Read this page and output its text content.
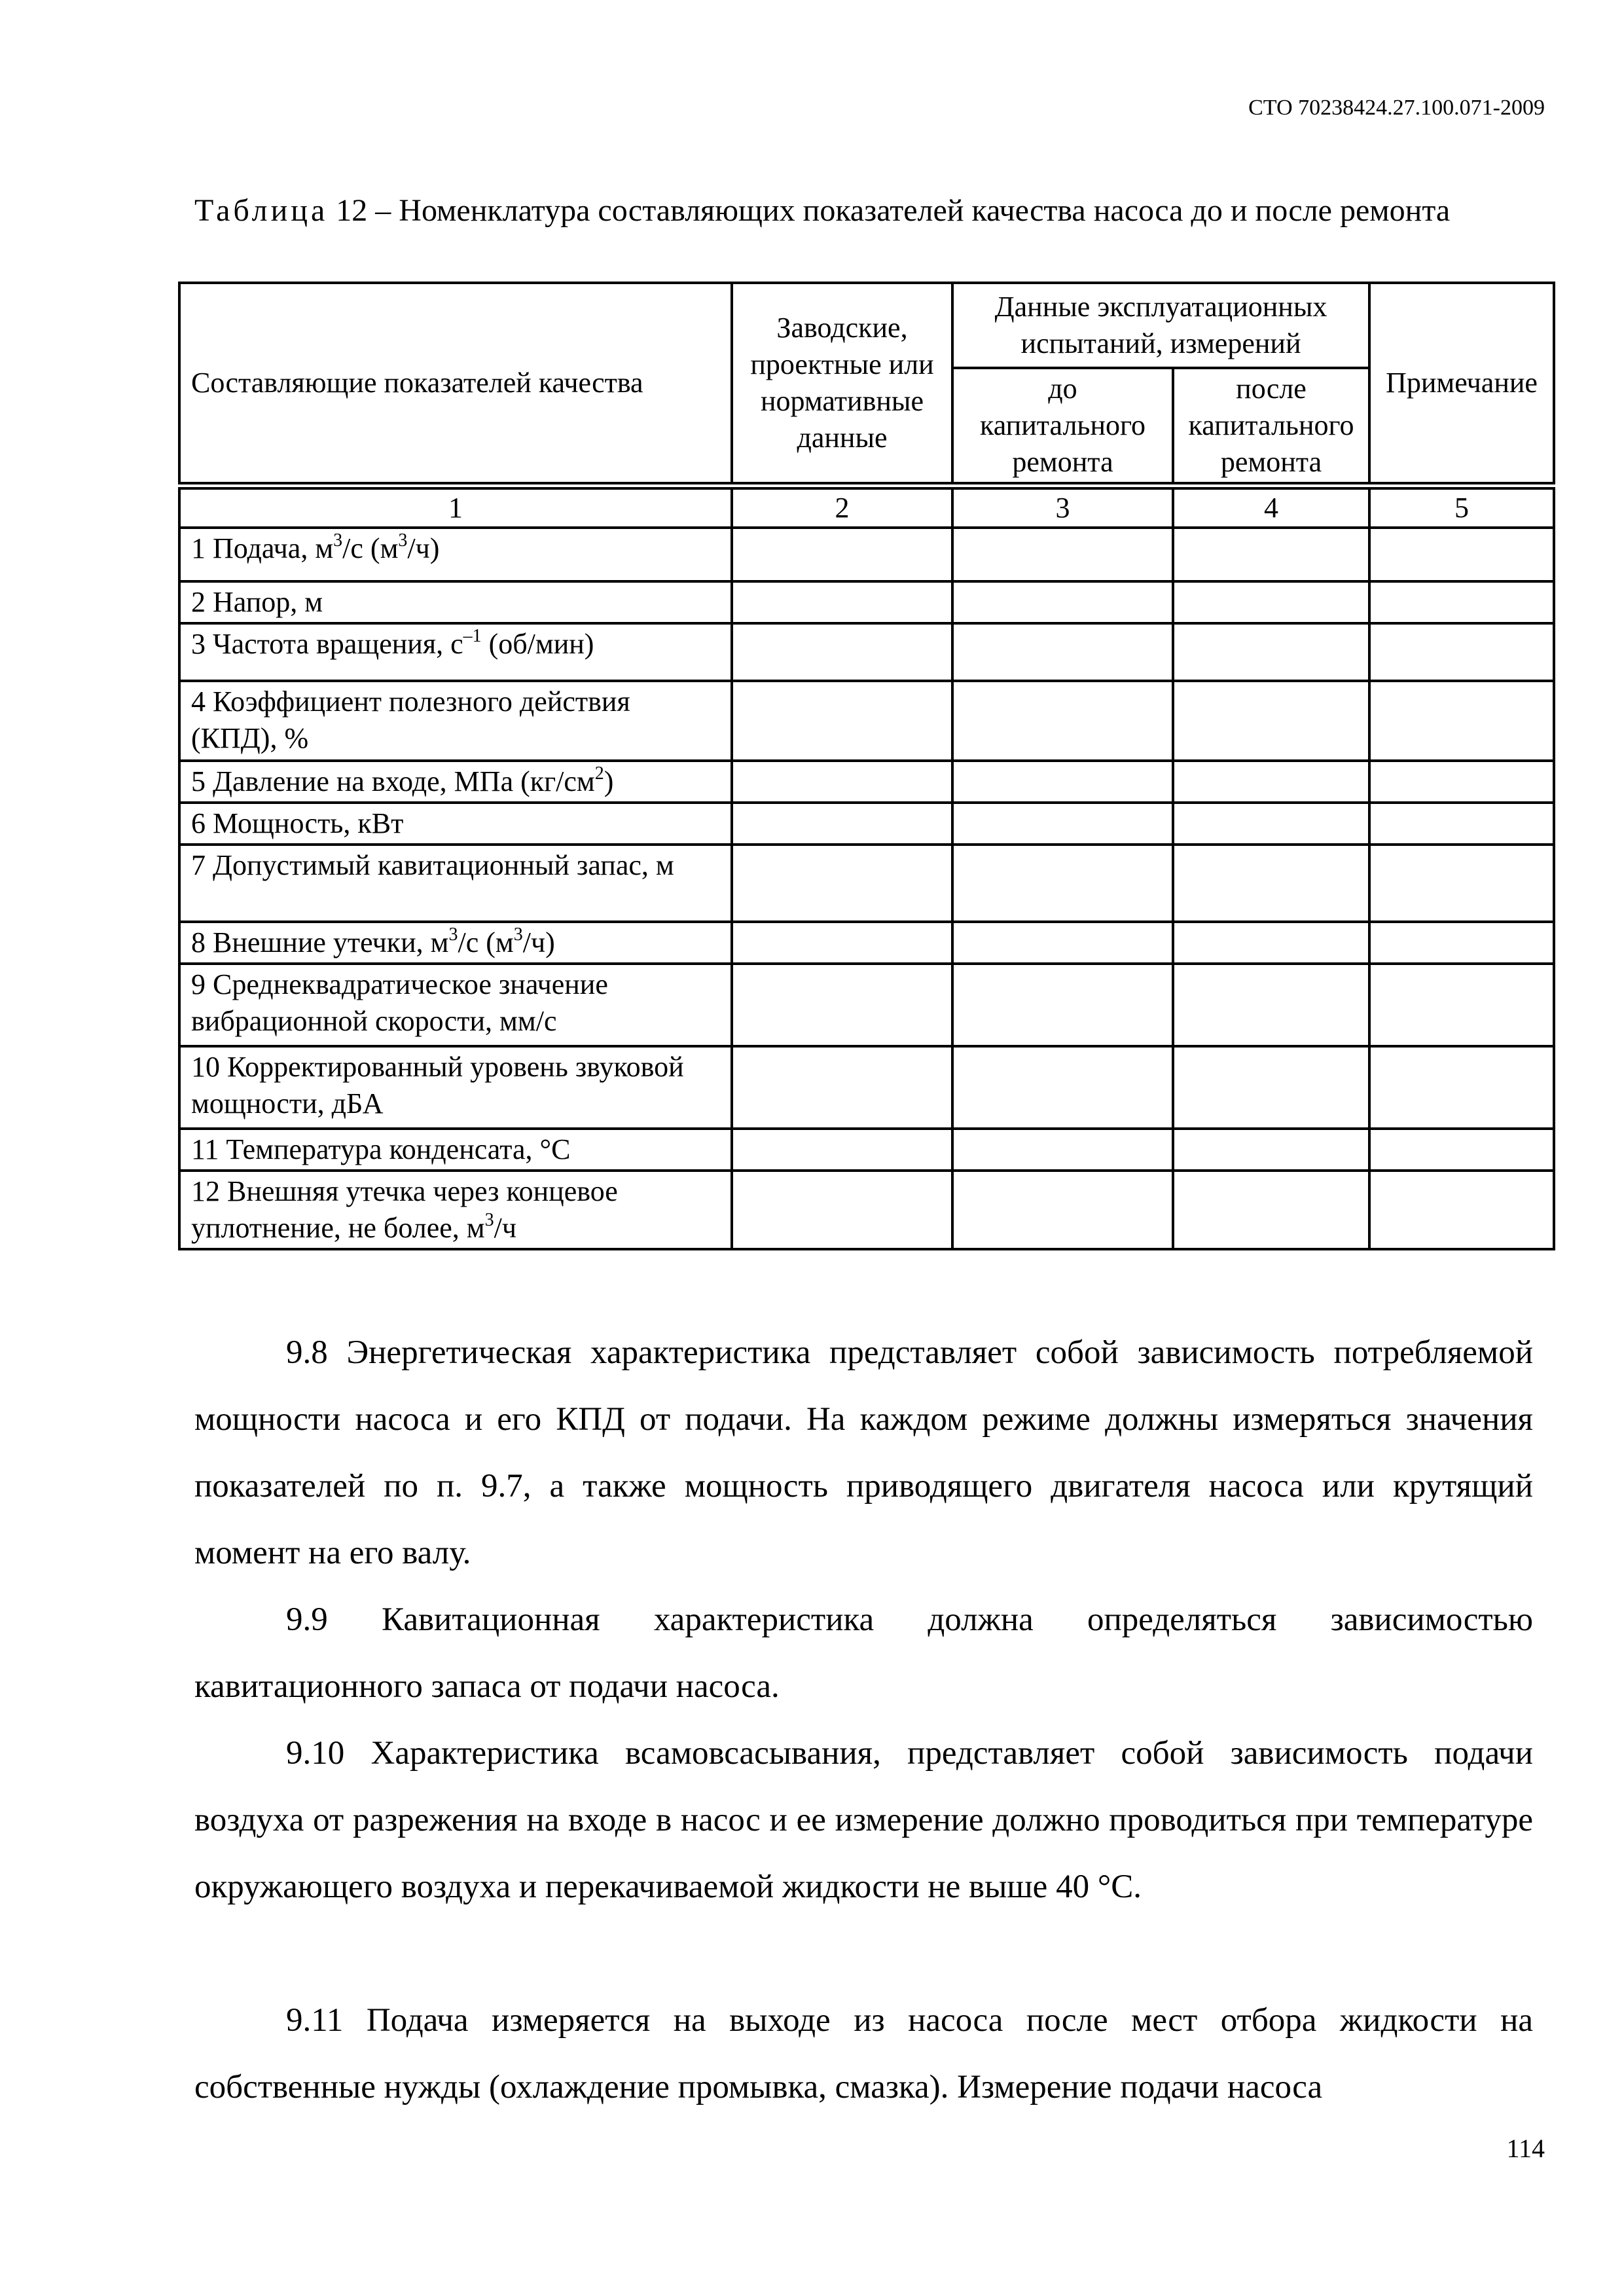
СТО 70238424.27.100.071-2009
Таблица 12 – Номенклатура составляющих показателей качества насоса до и после ремонта
Составляющие показателей качества	Заводские, проектные или нормативные данные	Данные эксплуатационных испытаний, измерений		Примечание
		до капитального ремонта	после капитального ремонта	
1	2	3	4	5
1 Подача, $м^3/с$ $(м^3/ч)$				
2 Напор, м				
3 Частота вращения, $с^{-1}$ (об/мин)				
4 Коэффициент полезного действия (КПД), %				
5 Давление на входе, МПа $(кг/см^2)$				
6 Мощность, кВт				
7 Допустимый кавитационный запас, м				
8 Внешние утечки, $м^3/с$ $(м^3/ч)$				
9 Среднеквадратическое значение вибрационной скорости, мм/с				
10 Корректированный уровень звуковой мощности, дБА				
11 Температура конденсата, °С				
12 Внешняя утечка через концевое уплотнение, не более, $м^3/ч$				
9.8 Энергетическая характеристика представляет собой зависимость потребляемой мощности насоса и его КПД от подачи. На каждом режиме должны измеряться значения показателей по п. 9.7, а также мощность приводящего двигателя насоса или крутящий момент на его валу.
9.9 Кавитационная характеристика должна определяться зависимостью кавитационного запаса от подачи насоса.
9.10 Характеристика всамовсасывания, представляет собой зависимость подачи воздуха от разрежения на входе в насос и ее измерение должно проводиться при температуре окружающего воздуха и перекачиваемой жидкости не выше 40 °С.
9.11 Подача измеряется на выходе из насоса после мест отбора жидкости на собственные нужды (охлаждение промывка, смазка). Измерение подачи насоса
114
